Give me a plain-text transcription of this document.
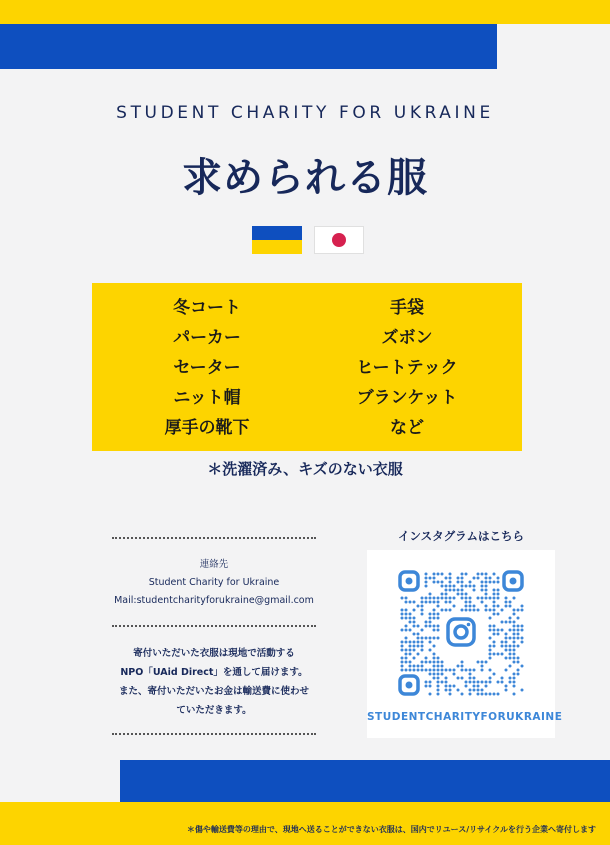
STUDENT CHARITY FOR UKRAINE
求められる服
冬コート
パーカー
セーター
ニット帽
厚手の靴下
手袋
ズボン
ヒートテック
ブランケット
など
＊洗濯済み、キズのない衣服
連絡先
Student Charity for Ukraine
Mail:studentcharityforukraine@gmail.com
寄付いただいた衣服は現地で活動する
NPO「UAid Direct」を通して届けます。
また、寄付いただいたお金は輸送費に使わせ
ていただきます。
インスタグラムはこちら
STUDENTCHARITYFORUKRAINE
＊傷や輸送費等の理由で、現地へ送ることができない衣服は、国内でリユース/リサイクルを行う企業へ寄付します
